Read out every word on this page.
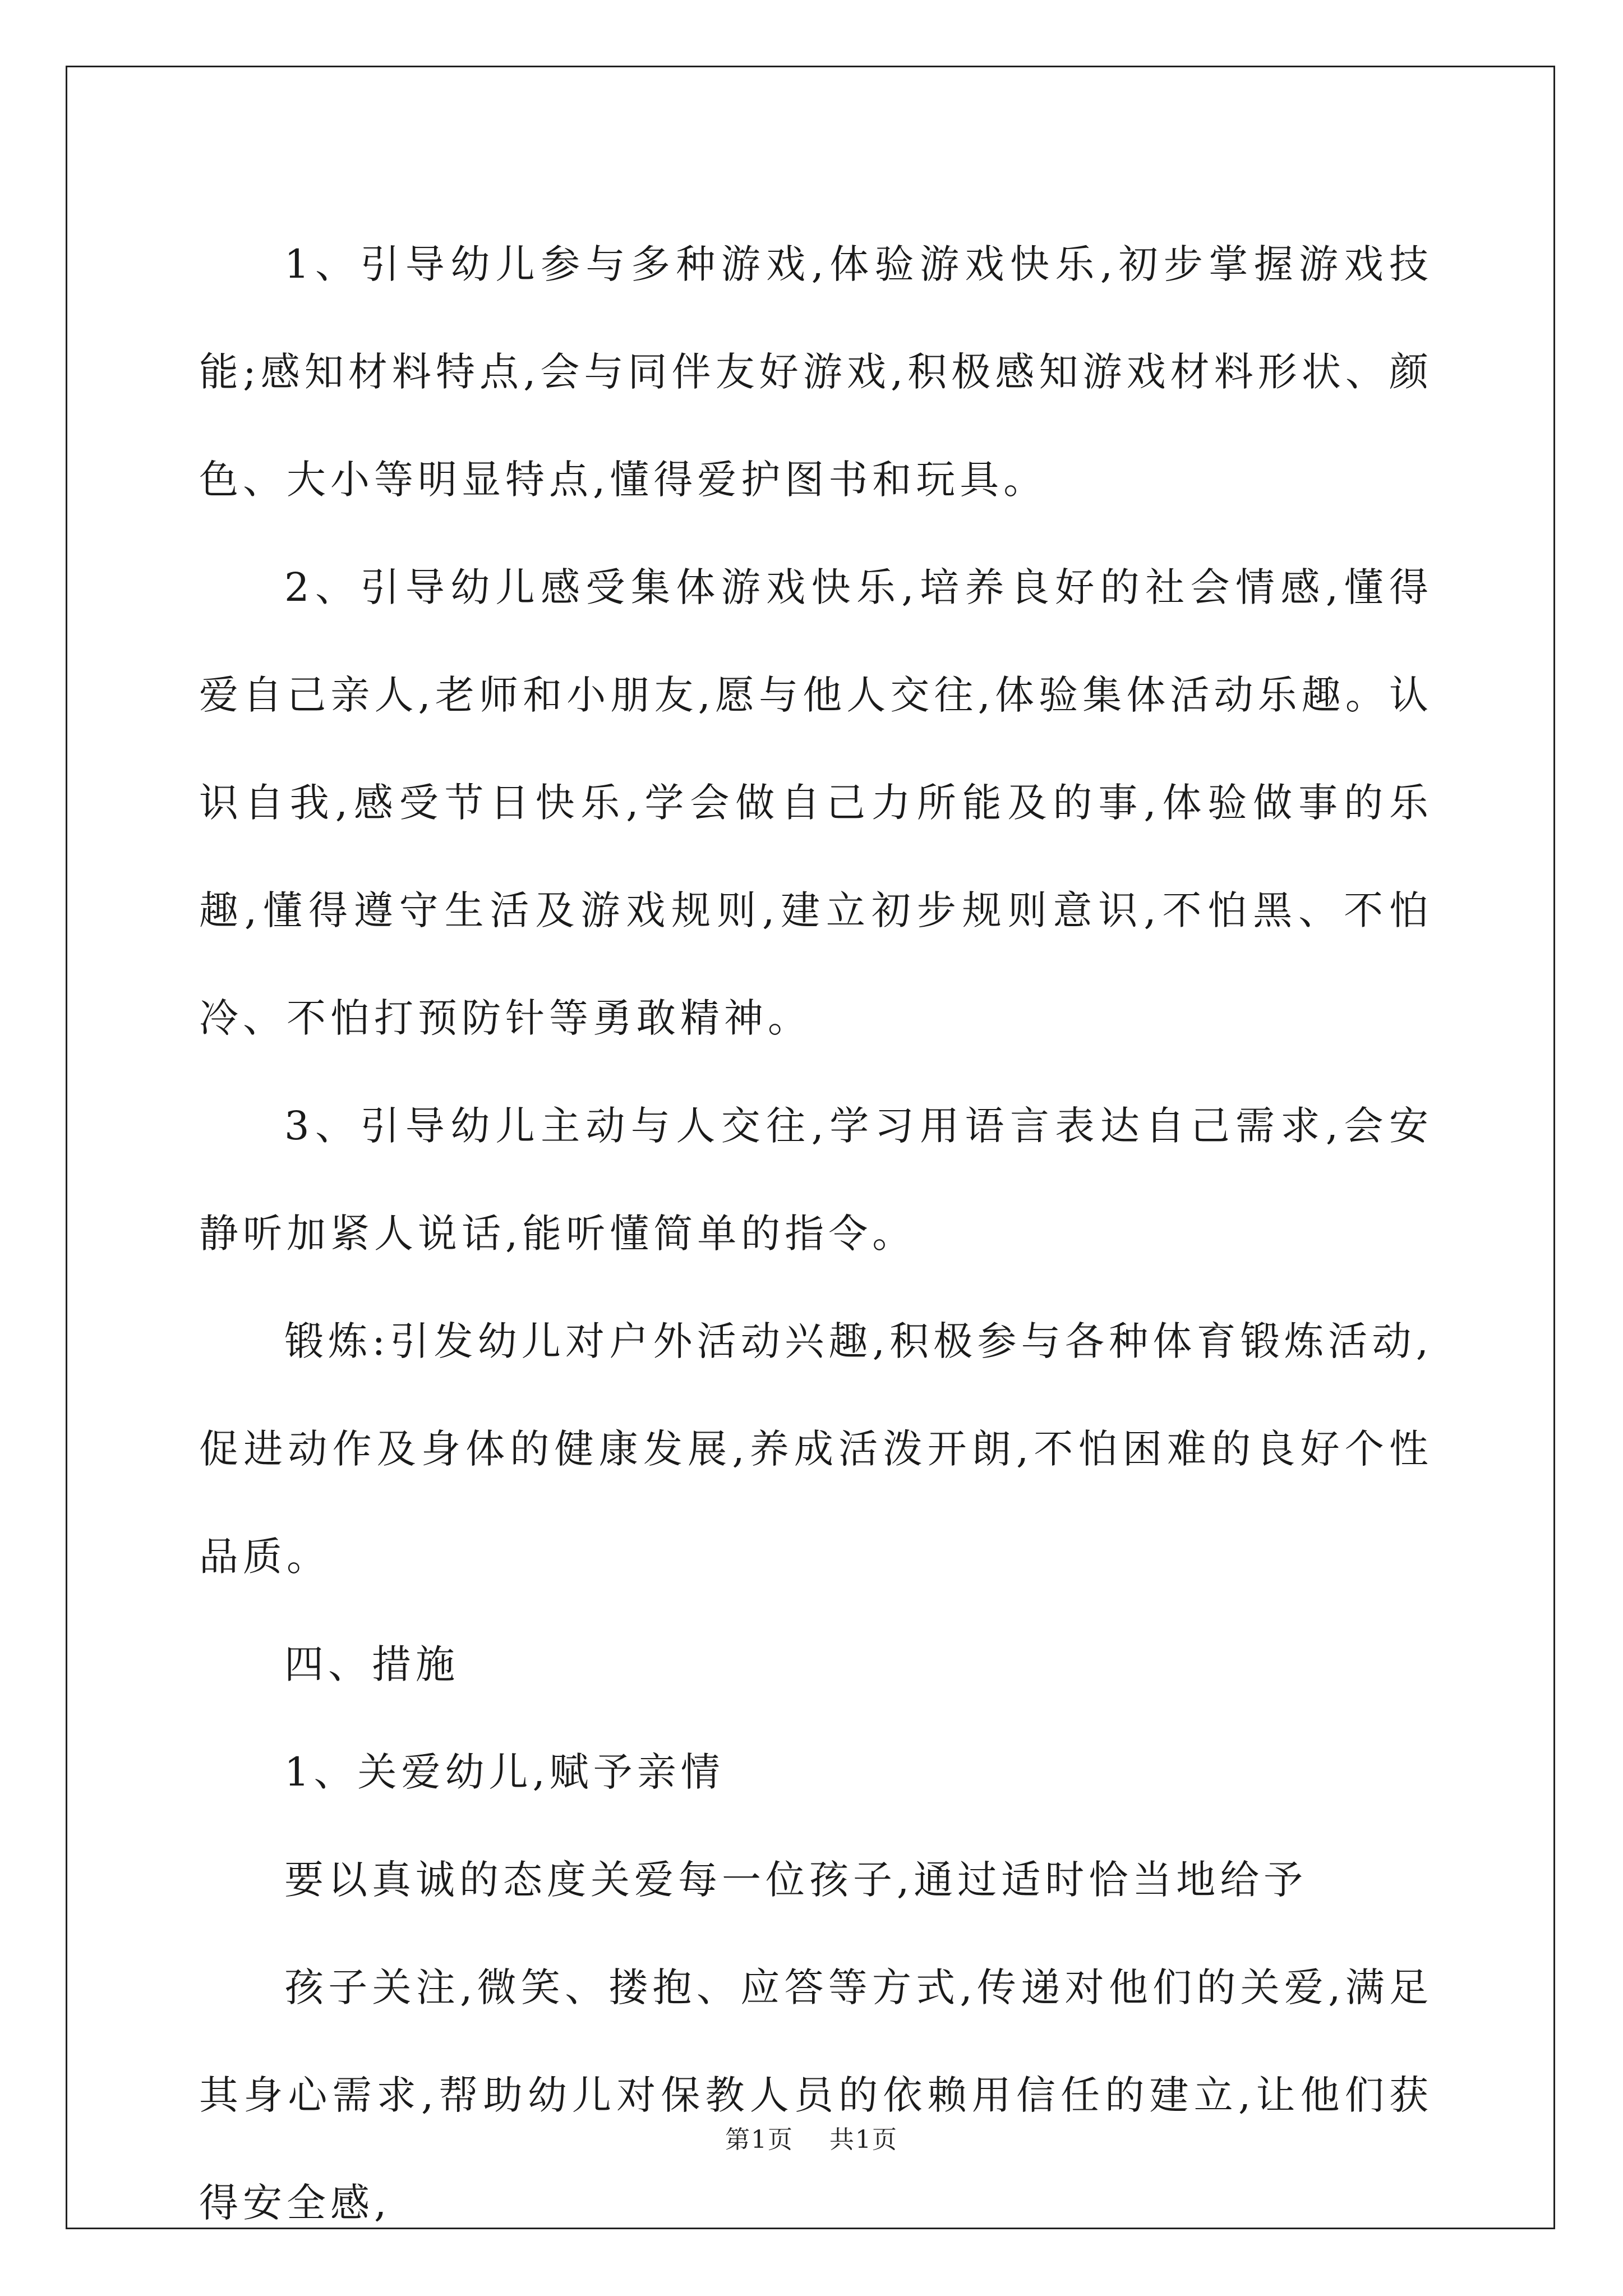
1、引导幼儿参与多种游戏,体验游戏快乐,初步掌握游戏技能;感知材料特点,会与同伴友好游戏,积极感知游戏材料形状、颜色、大小等明显特点,懂得爱护图书和玩具。

2、引导幼儿感受集体游戏快乐,培养良好的社会情感,懂得爱自己亲人,老师和小朋友,愿与他人交往,体验集体活动乐趣。认识自我,感受节日快乐,学会做自己力所能及的事,体验做事的乐趣,懂得遵守生活及游戏规则,建立初步规则意识,不怕黑、不怕冷、不怕打预防针等勇敢精神。

3、引导幼儿主动与人交往,学习用语言表达自己需求,会安静听加紧人说话,能听懂简单的指令。

锻炼:引发幼儿对户外活动兴趣,积极参与各种体育锻炼活动,促进动作及身体的健康发展,养成活泼开朗,不怕困难的良好个性品质。

四、措施

1、关爱幼儿,赋予亲情

要以真诚的态度关爱每一位孩子,通过适时恰当地给予

孩子关注,微笑、搂抱、应答等方式,传递对他们的关爱,满足其身心需求,帮助幼儿对保教人员的依赖用信任的建立,让他们获得安全感,

第1页 共1页
